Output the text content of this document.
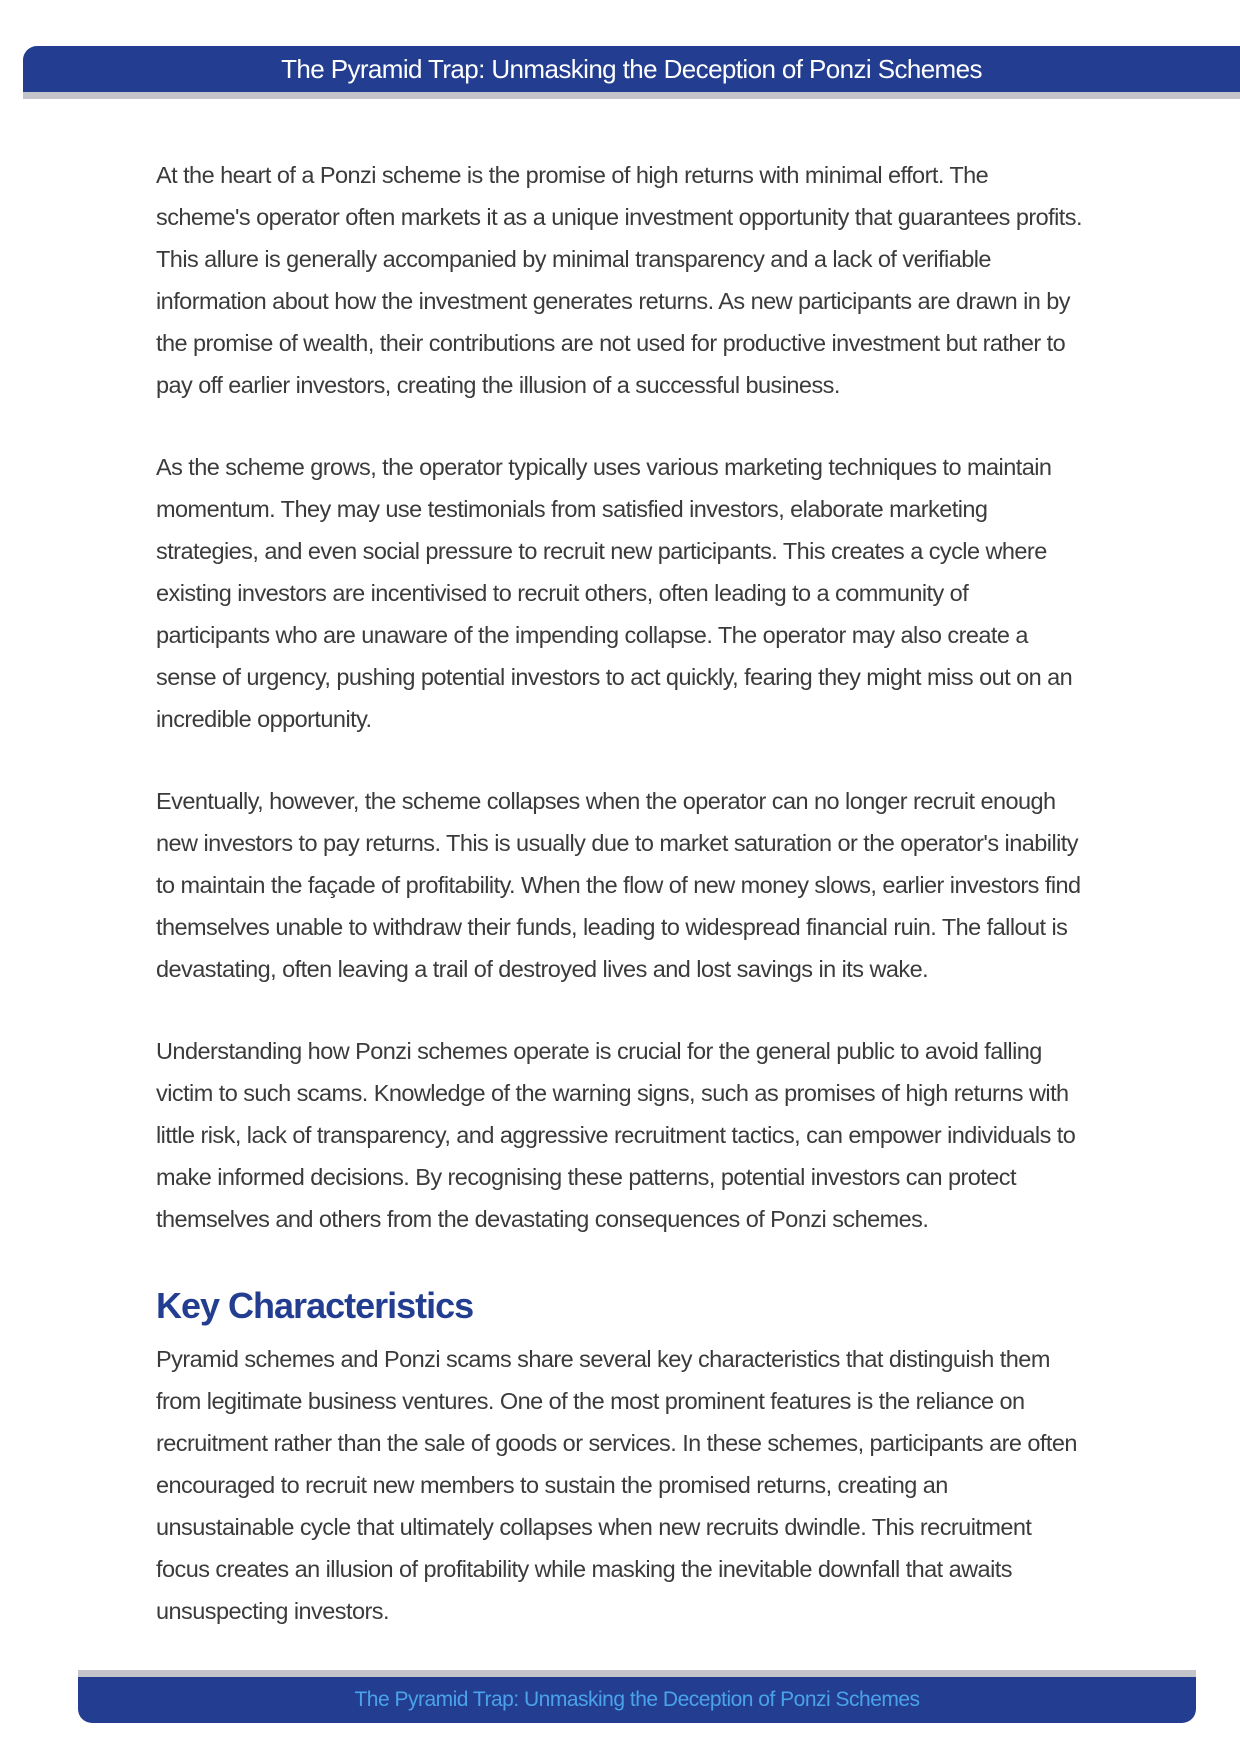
The Pyramid Trap: Unmasking the Deception of Ponzi Schemes

At the heart of a Ponzi scheme is the promise of high returns with minimal effort. The scheme's operator often markets it as a unique investment opportunity that guarantees profits. This allure is generally accompanied by minimal transparency and a lack of verifiable information about how the investment generates returns. As new participants are drawn in by the promise of wealth, their contributions are not used for productive investment but rather to pay off earlier investors, creating the illusion of a successful business.

As the scheme grows, the operator typically uses various marketing techniques to maintain momentum. They may use testimonials from satisfied investors, elaborate marketing strategies, and even social pressure to recruit new participants. This creates a cycle where existing investors are incentivised to recruit others, often leading to a community of participants who are unaware of the impending collapse. The operator may also create a sense of urgency, pushing potential investors to act quickly, fearing they might miss out on an incredible opportunity.

Eventually, however, the scheme collapses when the operator can no longer recruit enough new investors to pay returns. This is usually due to market saturation or the operator's inability to maintain the façade of profitability. When the flow of new money slows, earlier investors find themselves unable to withdraw their funds, leading to widespread financial ruin. The fallout is devastating, often leaving a trail of destroyed lives and lost savings in its wake.

Understanding how Ponzi schemes operate is crucial for the general public to avoid falling victim to such scams. Knowledge of the warning signs, such as promises of high returns with little risk, lack of transparency, and aggressive recruitment tactics, can empower individuals to make informed decisions. By recognising these patterns, potential investors can protect themselves and others from the devastating consequences of Ponzi schemes.

Key Characteristics

Pyramid schemes and Ponzi scams share several key characteristics that distinguish them from legitimate business ventures. One of the most prominent features is the reliance on recruitment rather than the sale of goods or services. In these schemes, participants are often encouraged to recruit new members to sustain the promised returns, creating an unsustainable cycle that ultimately collapses when new recruits dwindle. This recruitment focus creates an illusion of profitability while masking the inevitable downfall that awaits unsuspecting investors.

The Pyramid Trap: Unmasking the Deception of Ponzi Schemes
